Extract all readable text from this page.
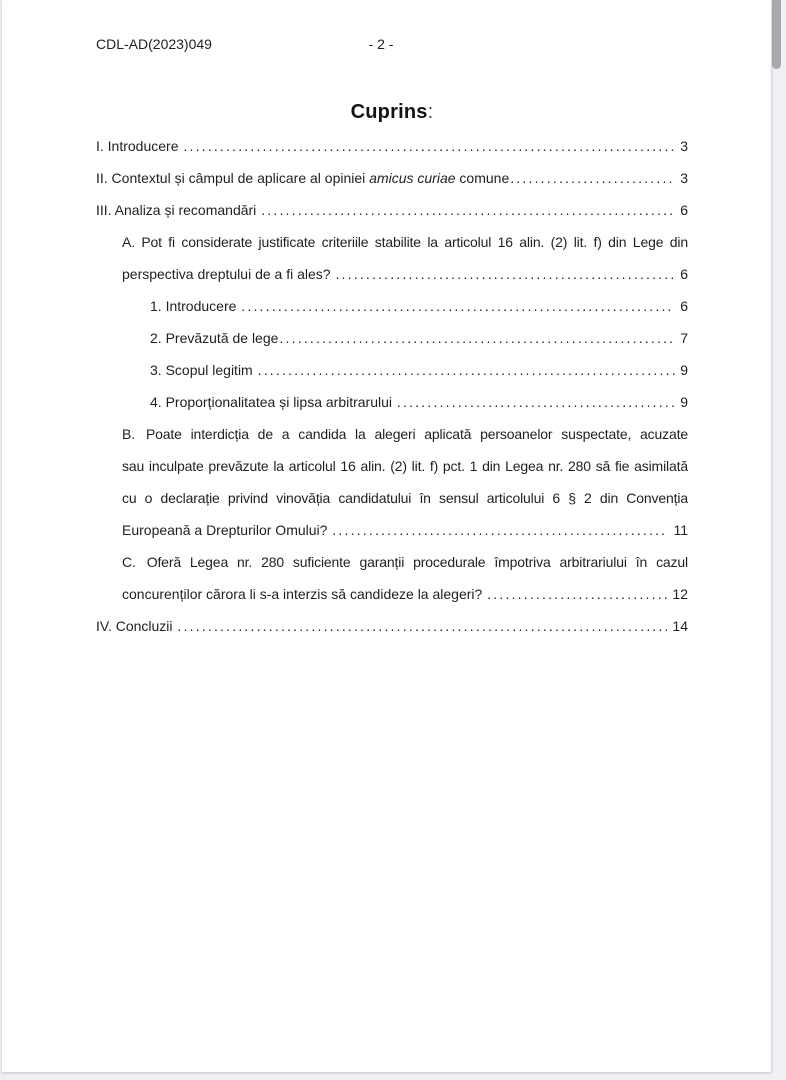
CDL-AD(2023)049	- 2 -
Cuprins:
I. Introducere .....	3
II. Contextul și câmpul de aplicare al opiniei amicus curiae comune .....	3
III. Analiza și recomandări .....	6
A. Pot fi considerate justificate criteriile stabilite la articolul 16 alin. (2) lit. f) din Lege din
perspectiva dreptului de a fi ales? .....	6
1. Introducere .....	6
2. Prevăzută de lege .....	7
3. Scopul legitim .....	9
4. Proporționalitatea și lipsa arbitrarului .....	9
B. Poate interdicția de a candida la alegeri aplicată persoanelor suspectate, acuzate
sau inculpate prevăzute la articolul 16 alin. (2) lit. f) pct. 1 din Legea nr. 280 să fie asimilată
cu o declarație privind vinovăția candidatului în sensul articolului 6 § 2 din Convenția
Europeană a Drepturilor Omului? .....	11
C. Oferă Legea nr. 280 suficiente garanții procedurale împotriva arbitrariului în cazul
concurenților cărora li s-a interzis să candideze la alegeri? .....	12
IV. Concluzii .....	14
